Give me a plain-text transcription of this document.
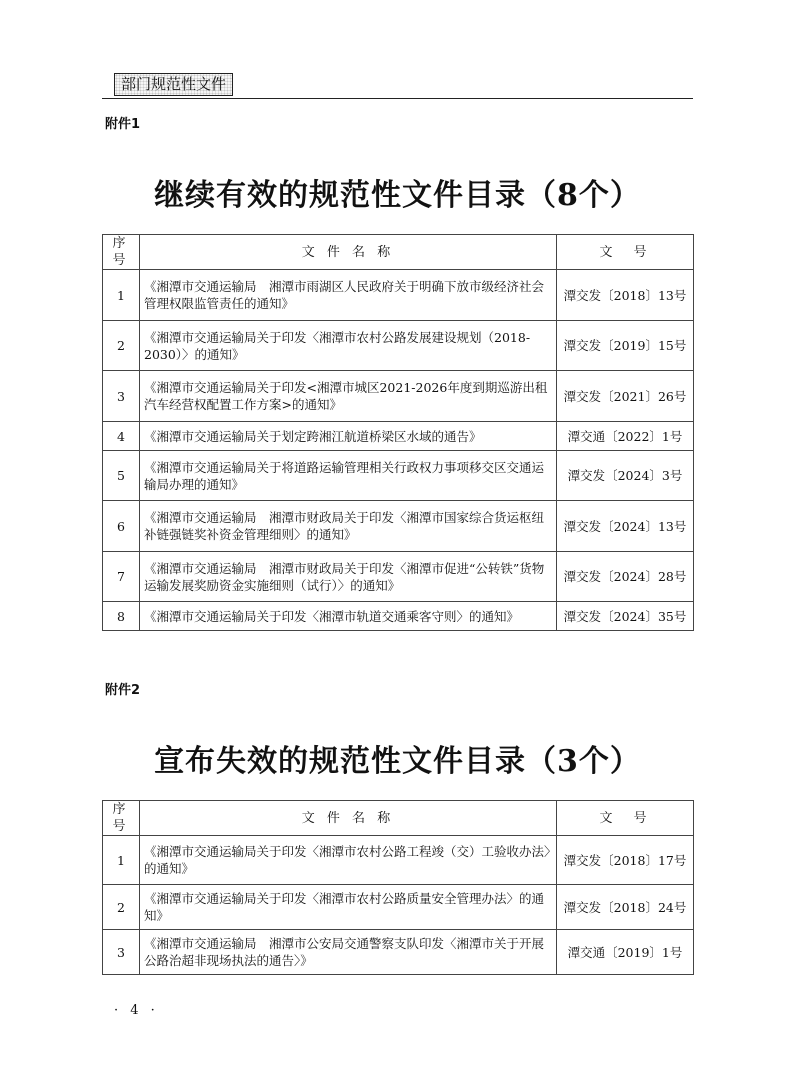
部门规范性文件
附件1
继续有效的规范性文件目录（8个）
序号	文 件 名 称	文　号
1	《湘潭市交通运输局　湘潭市雨湖区人民政府关于明确下放市级经济社会管理权限监管责任的通知》	潭交发〔2018〕13号
2	《湘潭市交通运输局关于印发〈湘潭市农村公路发展建设规划（2018-2030）〉的通知》	潭交发〔2019〕15号
3	《湘潭市交通运输局关于印发<湘潭市城区2021-2026年度到期巡游出租汽车经营权配置工作方案>的通知》	潭交发〔2021〕26号
4	《湘潭市交通运输局关于划定跨湘江航道桥梁区水域的通告》	潭交通〔2022〕1号
5	《湘潭市交通运输局关于将道路运输管理相关行政权力事项移交区交通运输局办理的通知》	潭交发〔2024〕3号
6	《湘潭市交通运输局　湘潭市财政局关于印发〈湘潭市国家综合货运枢纽补链强链奖补资金管理细则〉的通知》	潭交发〔2024〕13号
7	《湘潭市交通运输局　湘潭市财政局关于印发〈湘潭市促进“公转铁”货物运输发展奖励资金实施细则（试行）〉的通知》	潭交发〔2024〕28号
8	《湘潭市交通运输局关于印发〈湘潭市轨道交通乘客守则〉的通知》	潭交发〔2024〕35号
附件2
宣布失效的规范性文件目录（3个）
序号	文 件 名 称	文　号
1	《湘潭市交通运输局关于印发〈湘潭市农村公路工程竣（交）工验收办法〉的通知》	潭交发〔2018〕17号
2	《湘潭市交通运输局关于印发〈湘潭市农村公路质量安全管理办法〉的通知》	潭交发〔2018〕24号
3	《湘潭市交通运输局　湘潭市公安局交通警察支队印发〈湘潭市关于开展公路治超非现场执法的通告〉》	潭交通〔2019〕1号
· 4 ·
